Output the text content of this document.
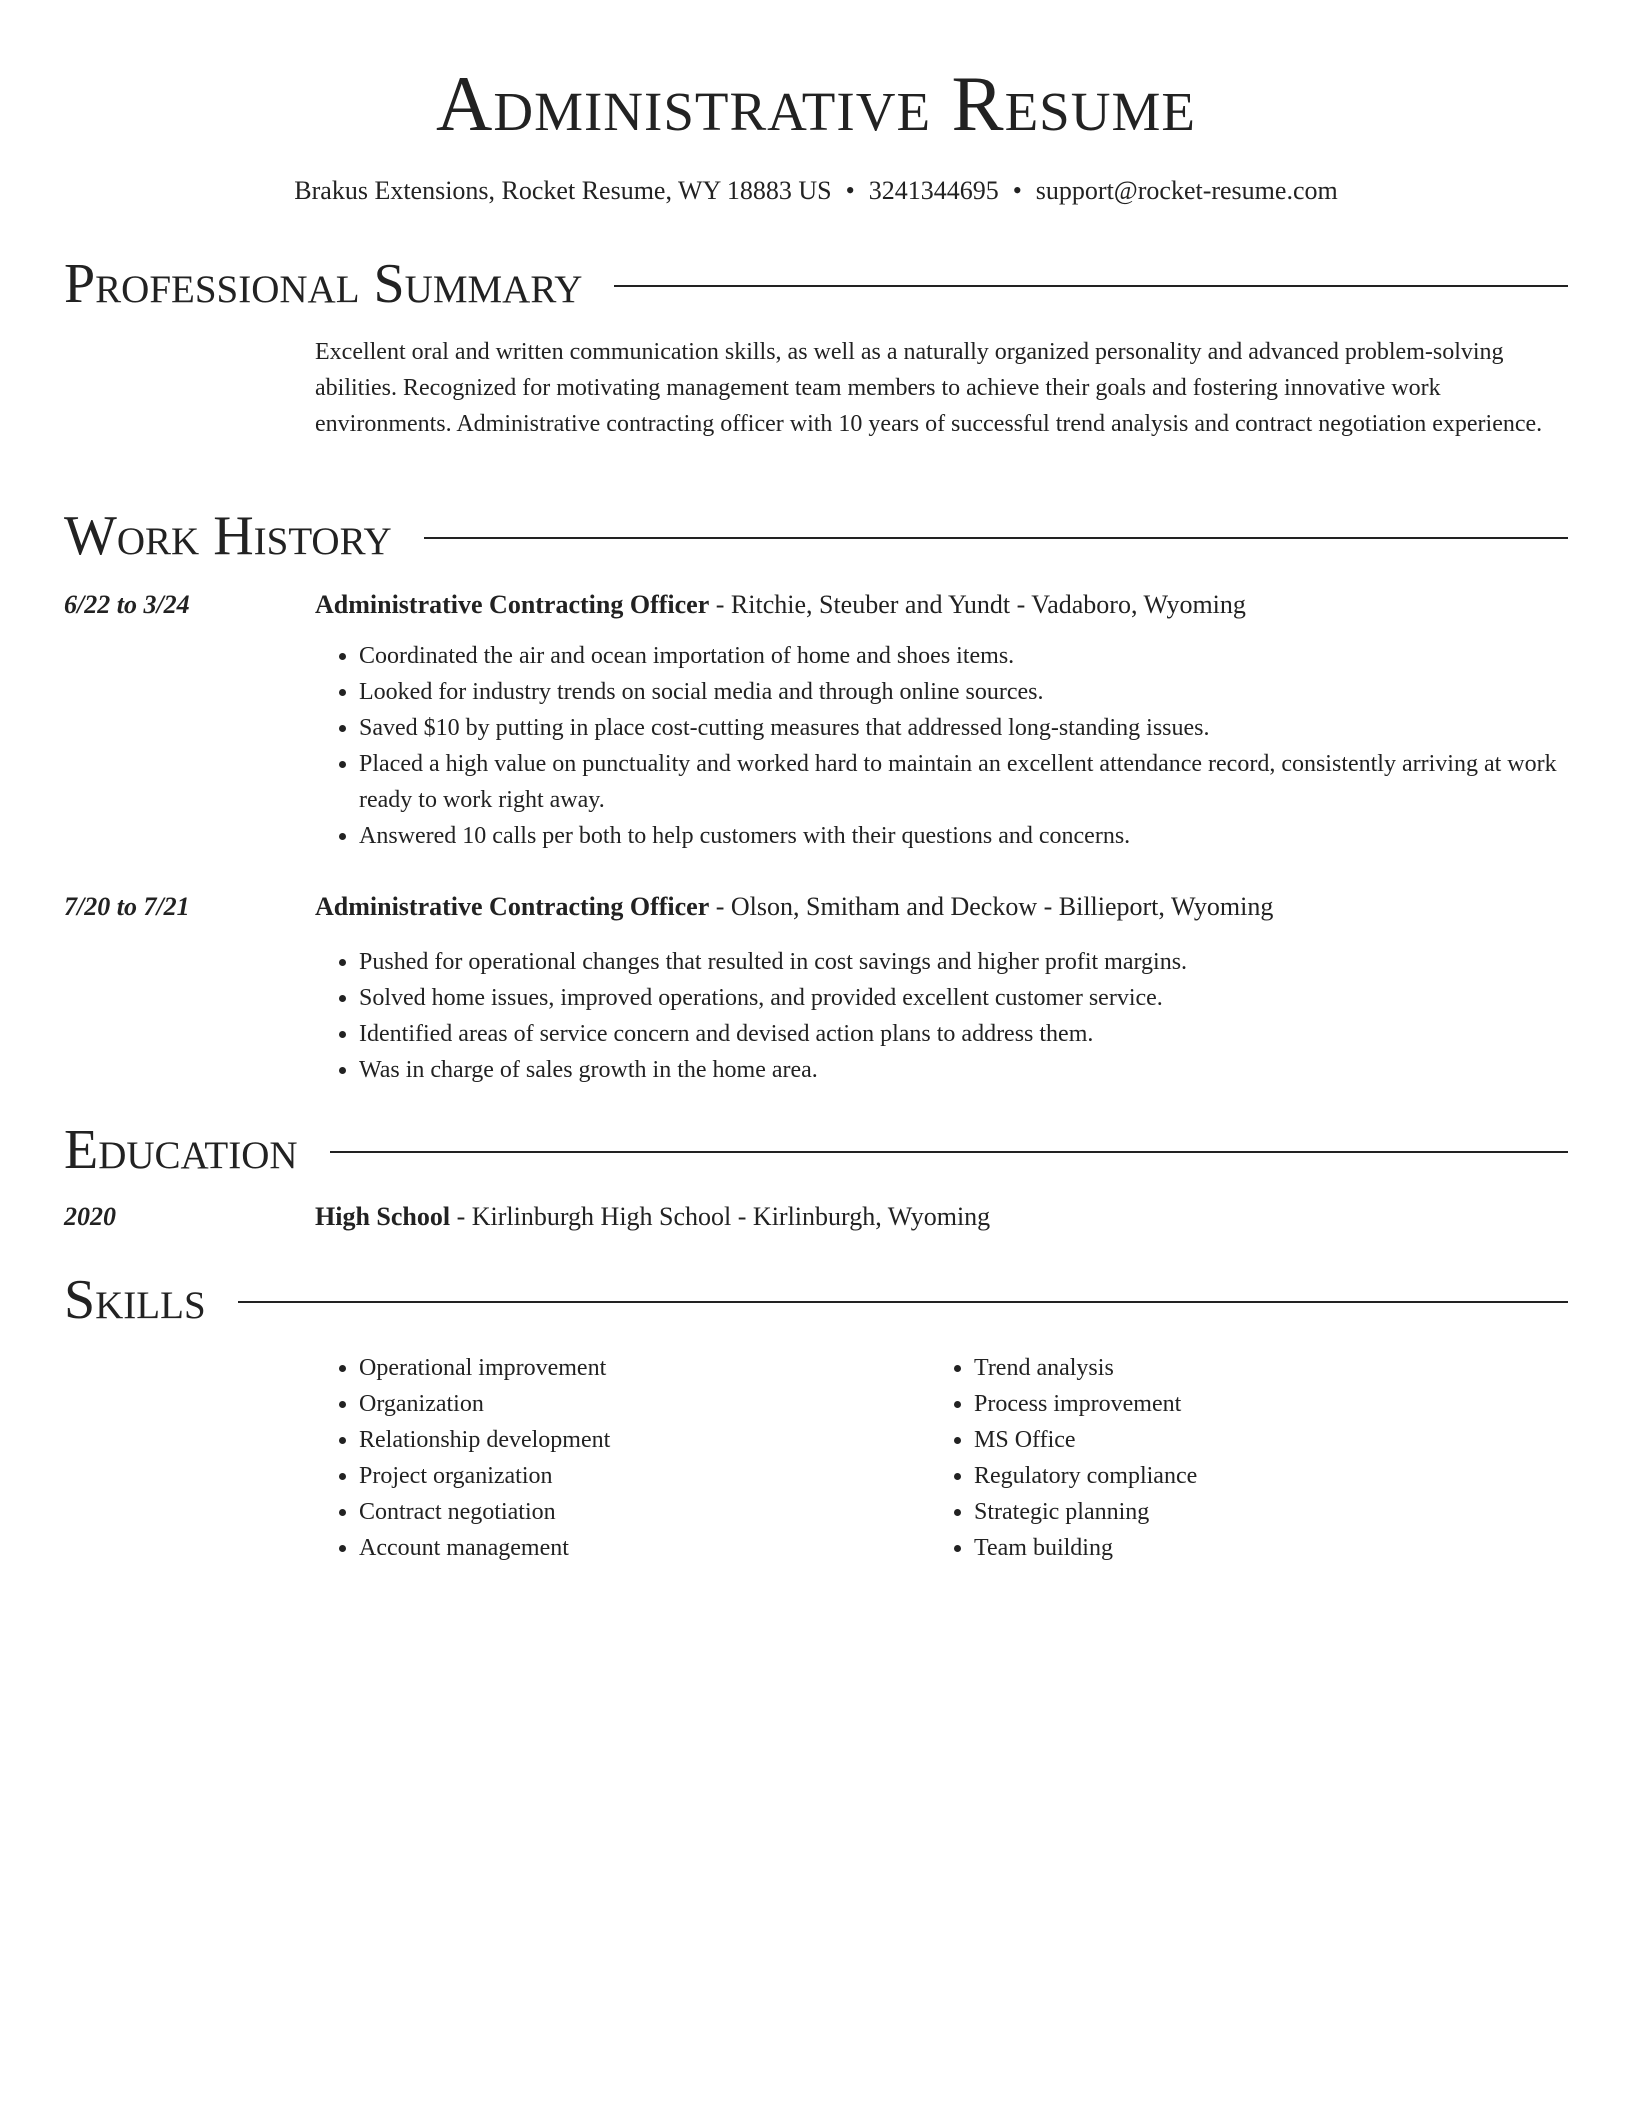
Administrative Resume
Brakus Extensions, Rocket Resume, WY 18883 US • 3241344695 • support@rocket-resume.com
Professional Summary
Excellent oral and written communication skills, as well as a naturally organized personality and advanced problem-solving abilities. Recognized for motivating management team members to achieve their goals and fostering innovative work environments. Administrative contracting officer with 10 years of successful trend analysis and contract negotiation experience.
Work History
6/22 to 3/24	Administrative Contracting Officer - Ritchie, Steuber and Yundt - Vadaboro, Wyoming
• Coordinated the air and ocean importation of home and shoes items.
• Looked for industry trends on social media and through online sources.
• Saved $10 by putting in place cost-cutting measures that addressed long-standing issues.
• Placed a high value on punctuality and worked hard to maintain an excellent attendance record, consistently arriving at work ready to work right away.
• Answered 10 calls per both to help customers with their questions and concerns.
7/20 to 7/21	Administrative Contracting Officer - Olson, Smitham and Deckow - Billieport, Wyoming
• Pushed for operational changes that resulted in cost savings and higher profit margins.
• Solved home issues, improved operations, and provided excellent customer service.
• Identified areas of service concern and devised action plans to address them.
• Was in charge of sales growth in the home area.
Education
2020	High School - Kirlinburgh High School - Kirlinburgh, Wyoming
Skills
• Operational improvement
• Organization
• Relationship development
• Project organization
• Contract negotiation
• Account management
• Trend analysis
• Process improvement
• MS Office
• Regulatory compliance
• Strategic planning
• Team building
